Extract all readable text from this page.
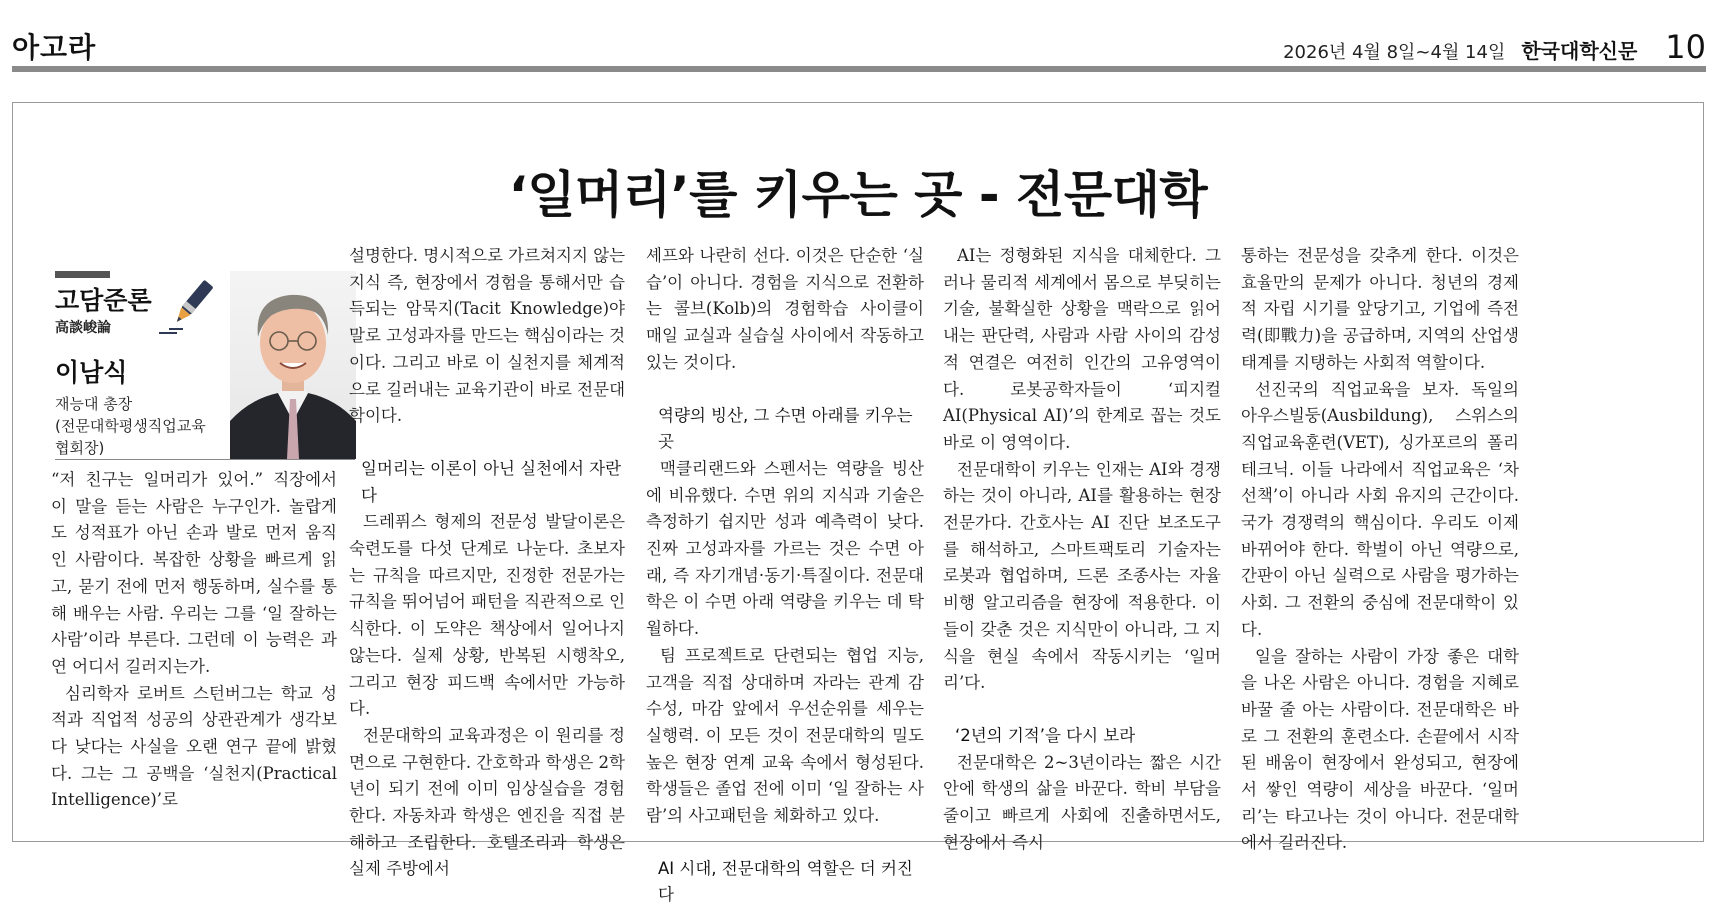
아고라	2026년 4월 8일~4월 14일 한국대학신문 10
‘일머리’를 키우는 곳 - 전문대학
고담준론
高談峻論
이남식
재능대 총장
(전문대학평생직업교육
협회장)

“저 친구는 일머리가 있어.” 직장에서 이 말을 듣는 사람은 누구인가. 놀랍게도 성적표가 아닌 손과 발로 먼저 움직인 사람이다. 복잡한 상황을 빠르게 읽고, 묻기 전에 먼저 행동하며, 실수를 통해 배우는 사람. 우리는 그를 ‘일 잘하는 사람’이라 부른다. 그런데 이 능력은 과연 어디서 길러지는가.

심리학자 로버트 스턴버그는 학교 성적과 직업적 성공의 상관관계가 생각보다 낮다는 사실을 오랜 연구 끝에 밝혔다. 그는 그 공백을 ‘실천지(Practical Intelligence)’로

설명한다. 명시적으로 가르쳐지지 않는 지식 즉, 현장에서 경험을 통해서만 습득되는 암묵지(Tacit Knowledge)야말로 고성과자를 만드는 핵심이라는 것이다. 그리고 바로 이 실천지를 체계적으로 길러내는 교육기관이 바로 전문대학이다.

일머리는 이론이 아닌 실천에서 자란다

드레퓌스 형제의 전문성 발달이론은 숙련도를 다섯 단계로 나눈다. 초보자는 규칙을 따르지만, 진정한 전문가는 규칙을 뛰어넘어 패턴을 직관적으로 인식한다. 이 도약은 책상에서 일어나지 않는다. 실제 상황, 반복된 시행착오, 그리고 현장 피드백 속에서만 가능하다.

전문대학의 교육과정은 이 원리를 정면으로 구현한다. 간호학과 학생은 2학년이 되기 전에 이미 임상실습을 경험한다. 자동차과 학생은 엔진을 직접 분해하고 조립한다. 호텔조리과 학생은 실제 주방에서

셰프와 나란히 선다. 이것은 단순한 ‘실습’이 아니다. 경험을 지식으로 전환하는 콜브(Kolb)의 경험학습 사이클이 매일 교실과 실습실 사이에서 작동하고 있는 것이다.

역량의 빙산, 그 수면 아래를 키우는 곳

맥클리랜드와 스펜서는 역량을 빙산에 비유했다. 수면 위의 지식과 기술은 측정하기 쉽지만 성과 예측력이 낮다. 진짜 고성과자를 가르는 것은 수면 아래, 즉 자기개념·동기·특질이다. 전문대학은 이 수면 아래 역량을 키우는 데 탁월하다.

팀 프로젝트로 단련되는 협업 지능, 고객을 직접 상대하며 자라는 관계 감수성, 마감 앞에서 우선순위를 세우는 실행력. 이 모든 것이 전문대학의 밀도 높은 현장 연계 교육 속에서 형성된다. 학생들은 졸업 전에 이미 ‘일 잘하는 사람’의 사고패턴을 체화하고 있다.

AI 시대, 전문대학의 역할은 더 커진다

AI는 정형화된 지식을 대체한다. 그러나 물리적 세계에서 몸으로 부딪히는 기술, 불확실한 상황을 맥락으로 읽어내는 판단력, 사람과 사람 사이의 감성적 연결은 여전히 인간의 고유영역이다. 로봇공학자들이 ‘피지컬 AI(Physical AI)’의 한계로 꼽는 것도 바로 이 영역이다.

전문대학이 키우는 인재는 AI와 경쟁하는 것이 아니라, AI를 활용하는 현장 전문가다. 간호사는 AI 진단 보조도구를 해석하고, 스마트팩토리 기술자는 로봇과 협업하며, 드론 조종사는 자율비행 알고리즘을 현장에 적용한다. 이들이 갖춘 것은 지식만이 아니라, 그 지식을 현실 속에서 작동시키는 ‘일머리’다.

‘2년의 기적’을 다시 보라

전문대학은 2~3년이라는 짧은 시간 안에 학생의 삶을 바꾼다. 학비 부담을 줄이고 빠르게 사회에 진출하면서도, 현장에서 즉시

통하는 전문성을 갖추게 한다. 이것은 효율만의 문제가 아니다. 청년의 경제적 자립 시기를 앞당기고, 기업에 즉전력(即戰力)을 공급하며, 지역의 산업생태계를 지탱하는 사회적 역할이다.

선진국의 직업교육을 보자. 독일의 아우스빌둥(Ausbildung), 스위스의 직업교육훈련(VET), 싱가포르의 폴리테크닉. 이들 나라에서 직업교육은 ‘차선책’이 아니라 사회 유지의 근간이다. 국가 경쟁력의 핵심이다. 우리도 이제 바뀌어야 한다. 학벌이 아닌 역량으로, 간판이 아닌 실력으로 사람을 평가하는 사회. 그 전환의 중심에 전문대학이 있다.

일을 잘하는 사람이 가장 좋은 대학을 나온 사람은 아니다. 경험을 지혜로 바꿀 줄 아는 사람이다. 전문대학은 바로 그 전환의 훈련소다. 손끝에서 시작된 배움이 현장에서 완성되고, 현장에서 쌓인 역량이 세상을 바꾼다. ‘일머리’는 타고나는 것이 아니다. 전문대학에서 길러진다.
